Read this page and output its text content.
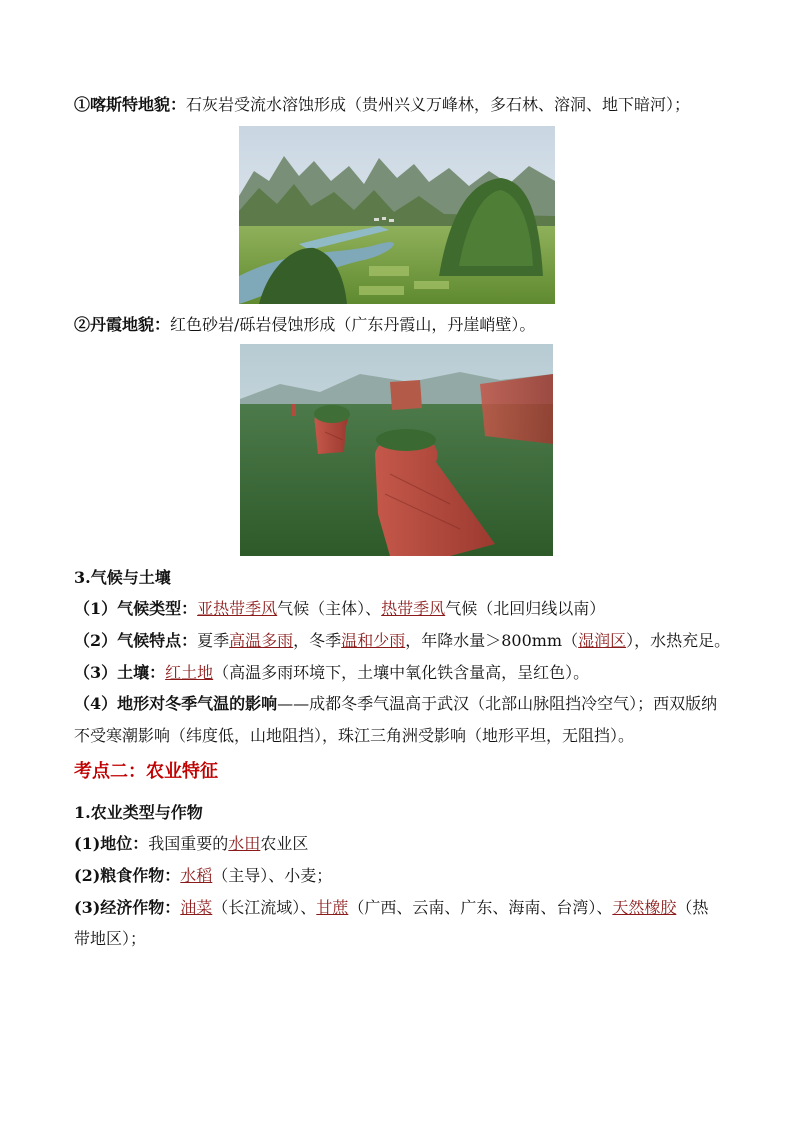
①喀斯特地貌：石灰岩受流水溶蚀形成（贵州兴义万峰林，多石林、溶洞、地下暗河）；
②丹霞地貌：红色砂岩/砾岩侵蚀形成（广东丹霞山，丹崖峭壁）。
3.气候与土壤
（1）气候类型：亚热带季风气候（主体）、热带季风气候（北回归线以南）
（2）气候特点：夏季高温多雨，冬季温和少雨，年降水量＞800mm（湿润区），水热充足。
（3）土壤：红土地（高温多雨环境下，土壤中氧化铁含量高，呈红色）。
（4）地形对冬季气温的影响——成都冬季气温高于武汉（北部山脉阻挡冷空气）；西双版纳
不受寒潮影响（纬度低，山地阻挡），珠江三角洲受影响（地形平坦，无阻挡）。
考点二：农业特征
1.农业类型与作物
(1)地位：我国重要的水田农业区
(2)粮食作物：水稻（主导）、小麦；
(3)经济作物：油菜（长江流域）、甘蔗（广西、云南、广东、海南、台湾）、天然橡胶（热
带地区）；
